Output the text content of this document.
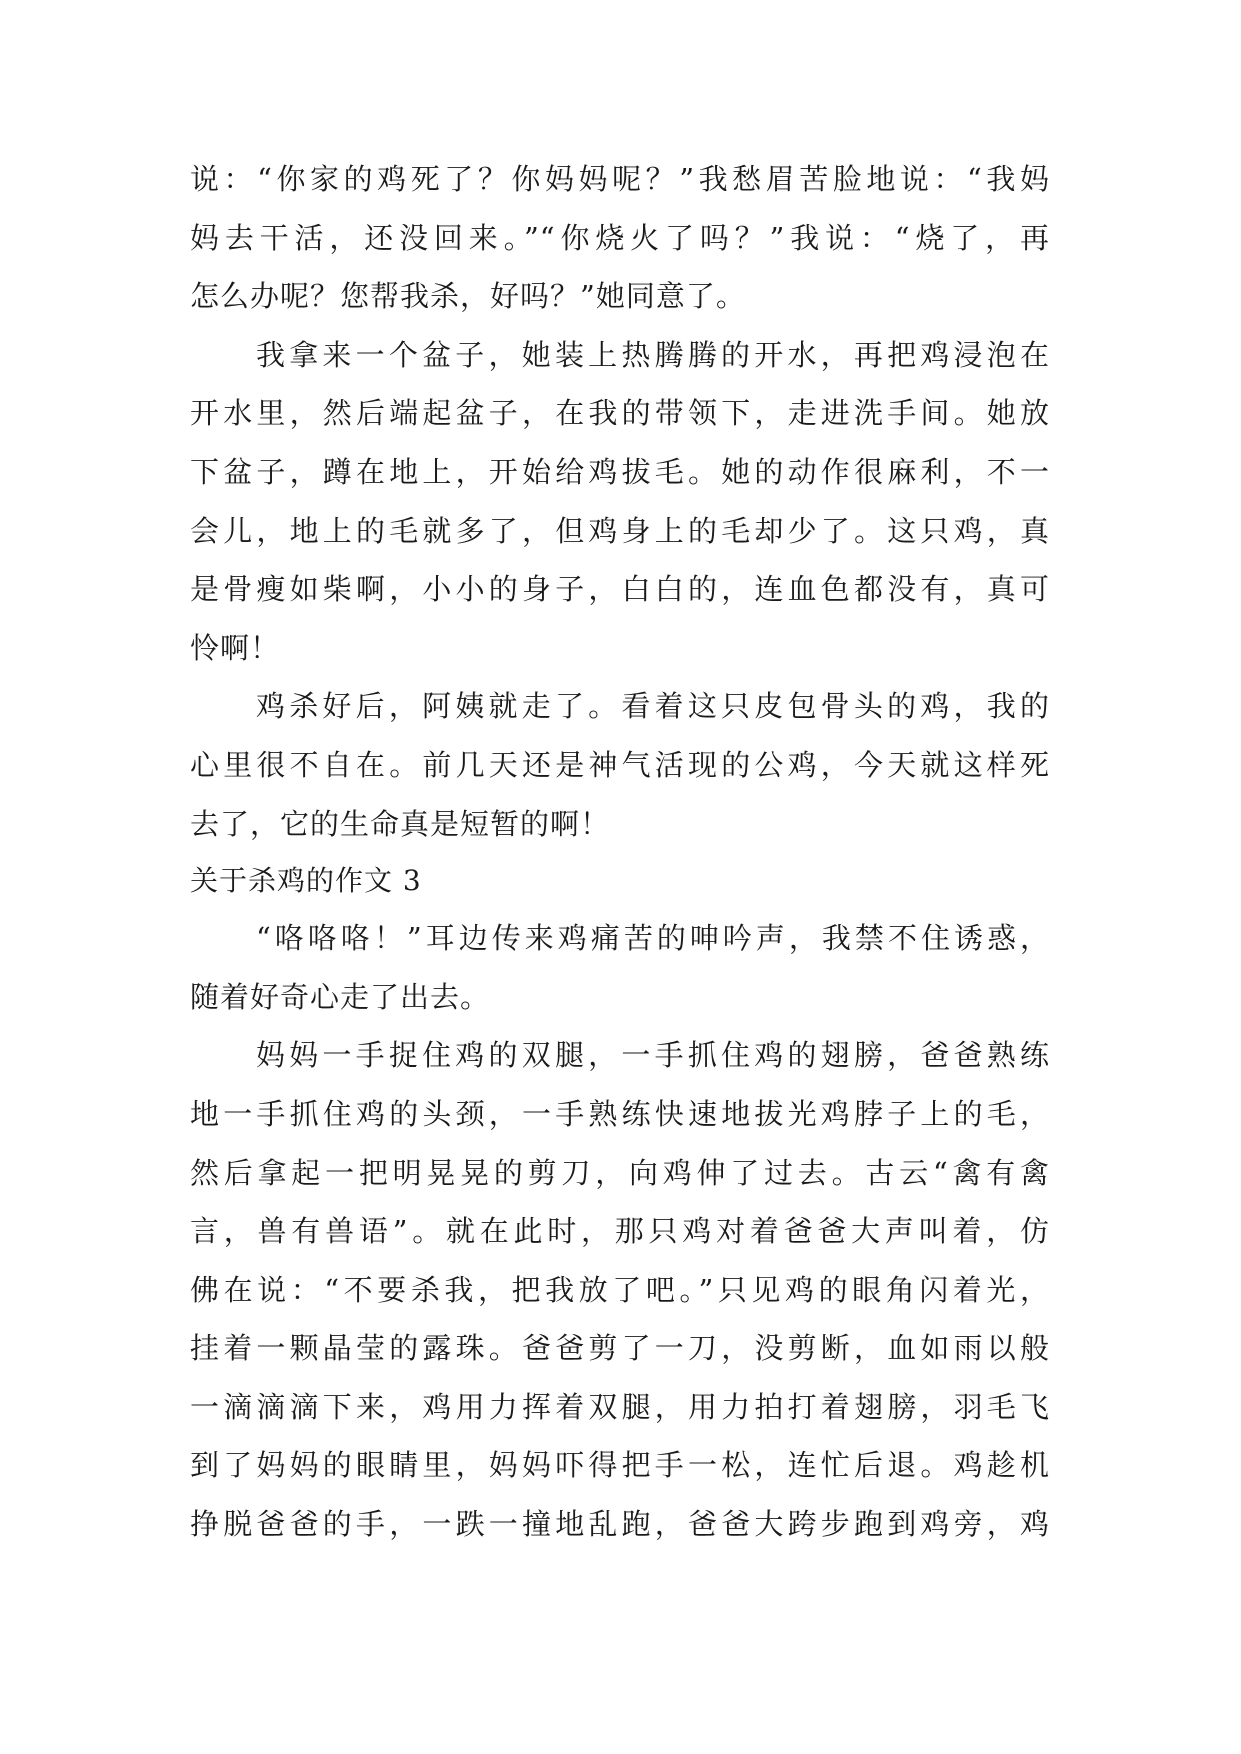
说：“你家的鸡死了？你妈妈呢？”我愁眉苦脸地说：“我妈
妈去干活，还没回来。”“你烧火了吗？”我说：“烧了，再
怎么办呢？您帮我杀，好吗？”她同意了。
我拿来一个盆子，她装上热腾腾的开水，再把鸡浸泡在
开水里，然后端起盆子，在我的带领下，走进洗手间。她放
下盆子，蹲在地上，开始给鸡拔毛。她的动作很麻利，不一
会儿，地上的毛就多了，但鸡身上的毛却少了。这只鸡，真
是骨瘦如柴啊，小小的身子，白白的，连血色都没有，真可
怜啊！
鸡杀好后，阿姨就走了。看着这只皮包骨头的鸡，我的
心里很不自在。前几天还是神气活现的公鸡，今天就这样死
去了，它的生命真是短暂的啊！
关于杀鸡的作文 3
“咯咯咯！”耳边传来鸡痛苦的呻吟声，我禁不住诱惑，
随着好奇心走了出去。
妈妈一手捉住鸡的双腿，一手抓住鸡的翅膀，爸爸熟练
地一手抓住鸡的头颈，一手熟练快速地拔光鸡脖子上的毛，
然后拿起一把明晃晃的剪刀，向鸡伸了过去。古云“禽有禽
言，兽有兽语”。就在此时，那只鸡对着爸爸大声叫着，仿
佛在说：“不要杀我，把我放了吧。”只见鸡的眼角闪着光，
挂着一颗晶莹的露珠。爸爸剪了一刀，没剪断，血如雨以般
一滴滴滴下来，鸡用力挥着双腿，用力拍打着翅膀，羽毛飞
到了妈妈的眼睛里，妈妈吓得把手一松，连忙后退。鸡趁机
挣脱爸爸的手，一跌一撞地乱跑，爸爸大跨步跑到鸡旁，鸡
